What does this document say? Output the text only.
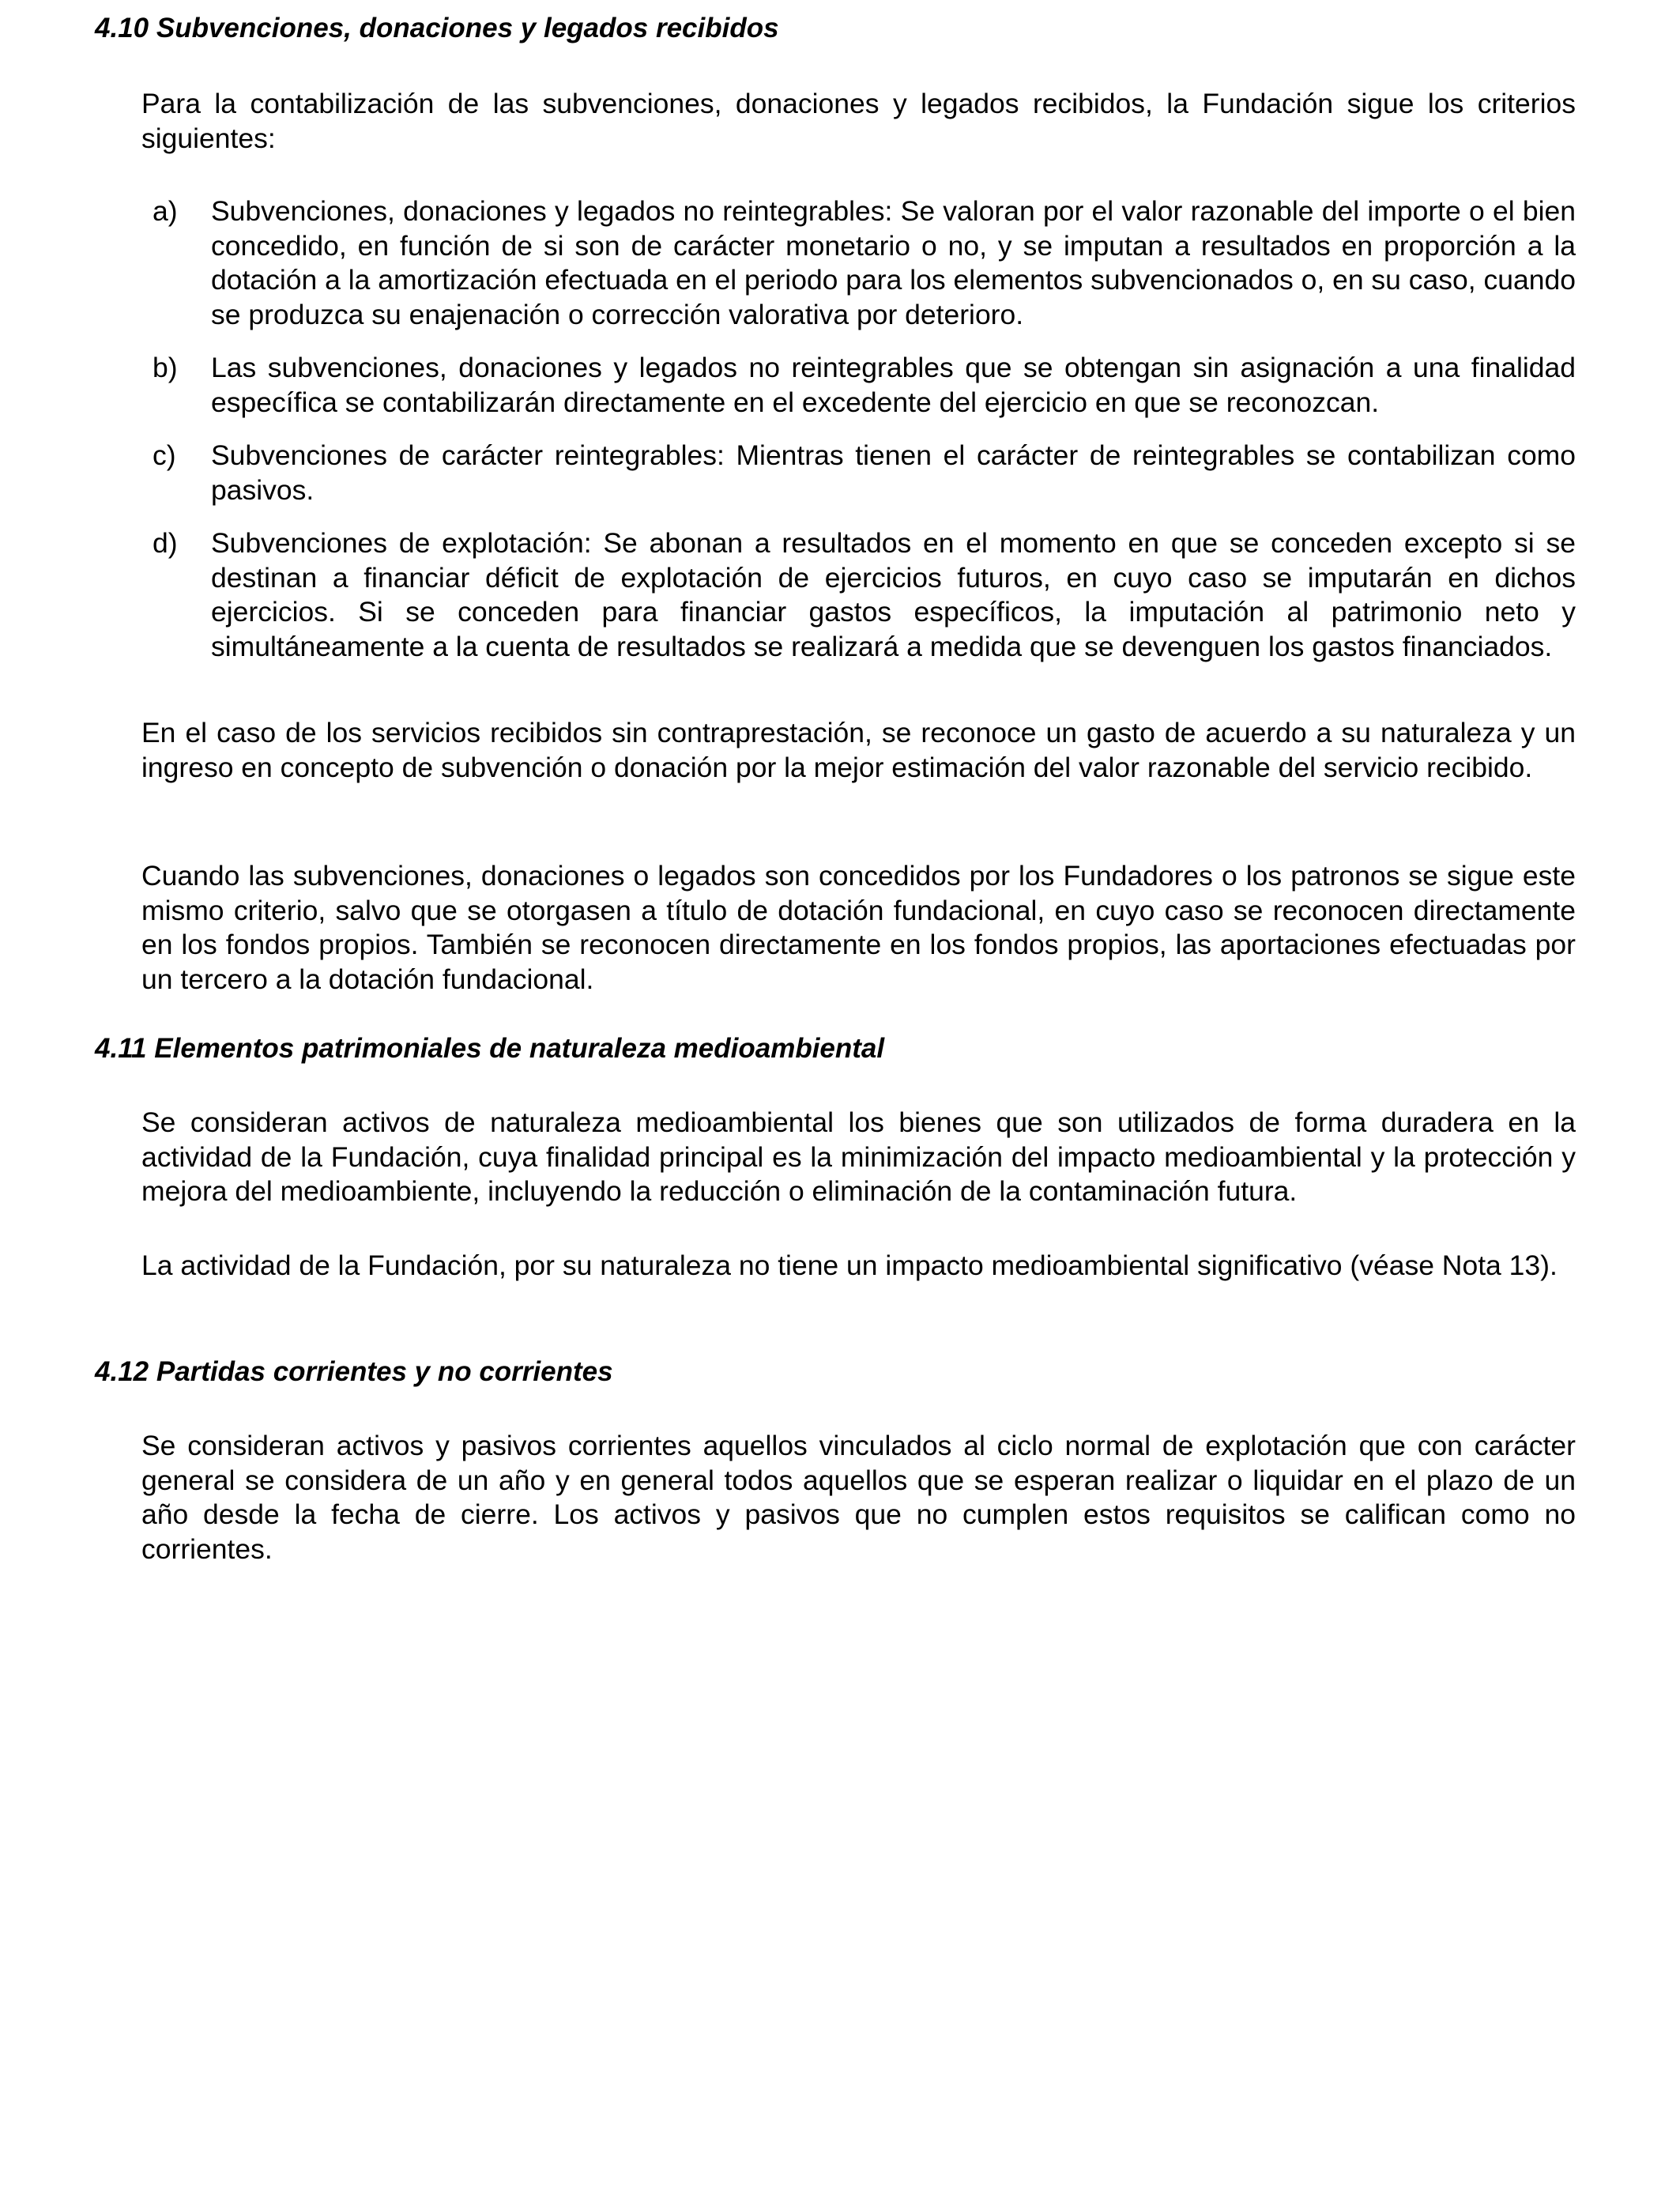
4.10 Subvenciones, donaciones y legados recibidos

Para la contabilización de las subvenciones, donaciones y legados recibidos, la Fundación sigue los criterios siguientes:

a)	Subvenciones, donaciones y legados no reintegrables: Se valoran por el valor razonable del importe o el bien concedido, en función de si son de carácter monetario o no, y se imputan a resultados en proporción a la dotación a la amortización efectuada en el periodo para los elementos subvencionados o, en su caso, cuando se produzca su enajenación o corrección valorativa por deterioro.
b)	Las subvenciones, donaciones y legados no reintegrables que se obtengan sin asignación a una finalidad específica se contabilizarán directamente en el excedente del ejercicio en que se reconozcan.
c)	Subvenciones de carácter reintegrables: Mientras tienen el carácter de reintegrables se contabilizan como pasivos.
d)	Subvenciones de explotación: Se abonan a resultados en el momento en que se conceden excepto si se destinan a financiar déficit de explotación de ejercicios futuros, en cuyo caso se imputarán en dichos ejercicios. Si se conceden para financiar gastos específicos, la imputación al patrimonio neto y simultáneamente a la cuenta de resultados se realizará a medida que se devenguen los gastos financiados.

En el caso de los servicios recibidos sin contraprestación, se reconoce un gasto de acuerdo a su naturaleza y un ingreso en concepto de subvención o donación por la mejor estimación del valor razonable del servicio recibido.

Cuando las subvenciones, donaciones o legados son concedidos por los Fundadores o los patronos se sigue este mismo criterio, salvo que se otorgasen a título de dotación fundacional, en cuyo caso se reconocen directamente en los fondos propios. También se reconocen directamente en los fondos propios, las aportaciones efectuadas por un tercero a la dotación fundacional.

4.11 Elementos patrimoniales de naturaleza medioambiental

Se consideran activos de naturaleza medioambiental los bienes que son utilizados de forma duradera en la actividad de la Fundación, cuya finalidad principal es la minimización del impacto medioambiental y la protección y mejora del medioambiente, incluyendo la reducción o eliminación de la contaminación futura.

La actividad de la Fundación, por su naturaleza no tiene un impacto medioambiental significativo (véase Nota 13).

4.12 Partidas corrientes y no corrientes

Se consideran activos y pasivos corrientes aquellos vinculados al ciclo normal de explotación que con carácter general se considera de un año y en general todos aquellos que se esperan realizar o liquidar en el plazo de un año desde la fecha de cierre. Los activos y pasivos que no cumplen estos requisitos se califican como no corrientes.
